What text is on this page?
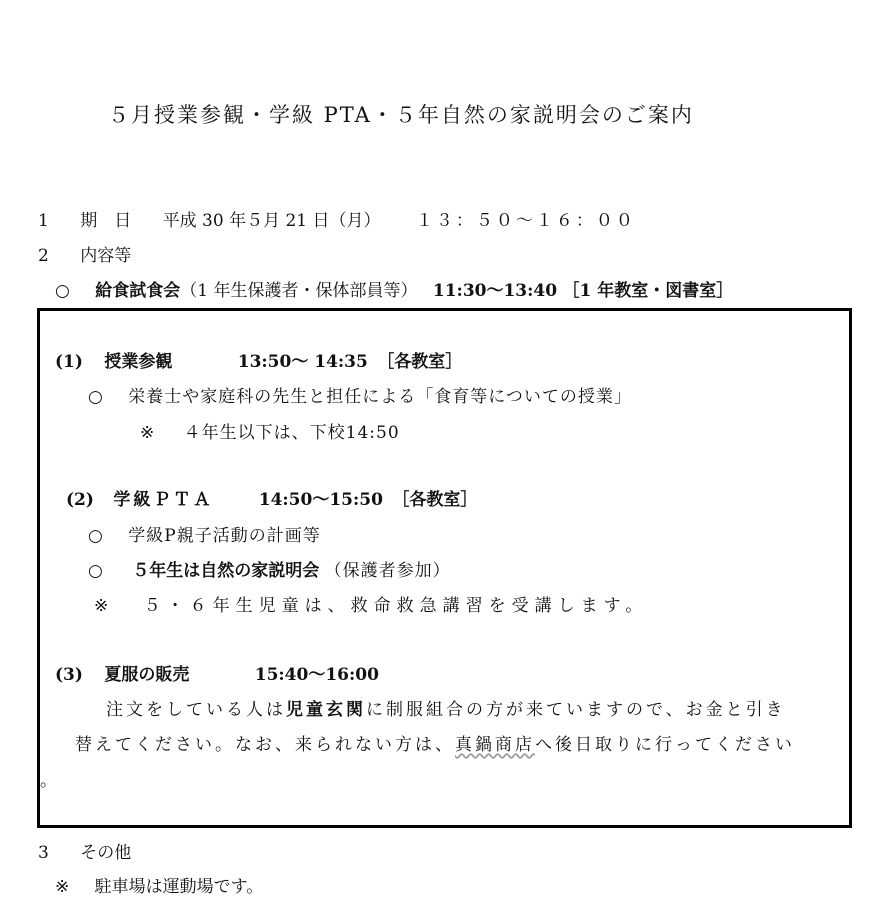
５月授業参観・学級 PTA・５年自然の家説明会のご案内
1 期　日 平成 30 年５月 21 日（月） １３：５０～１６：００
2 内容等
○ 給食試食会（1 年生保護者・保体部員等） 11:30～13:40 ［1 年教室・図書室］
(1) 授業参観	13:50～ 14:35 ［各教室］
○ 栄養士や家庭科の先生と担任による「食育等についての授業」
※ ４年生以下は、下校14:50
(2) 学級ＰＴＡ	14:50～15:50 ［各教室］
○ 学級P親子活動の計画等
○ ５年生は自然の家説明会 （保護者参加）
※ ５・６年生児童は、救命救急講習を受講します。
(3) 夏服の販売	15:40～16:00
注文をしている人は児童玄関に制服組合の方が来ていますので、お金と引き
替えてください。なお、来られない方は、真鍋商店へ後日取りに行ってください
。
3 その他
※ 駐車場は運動場です。
